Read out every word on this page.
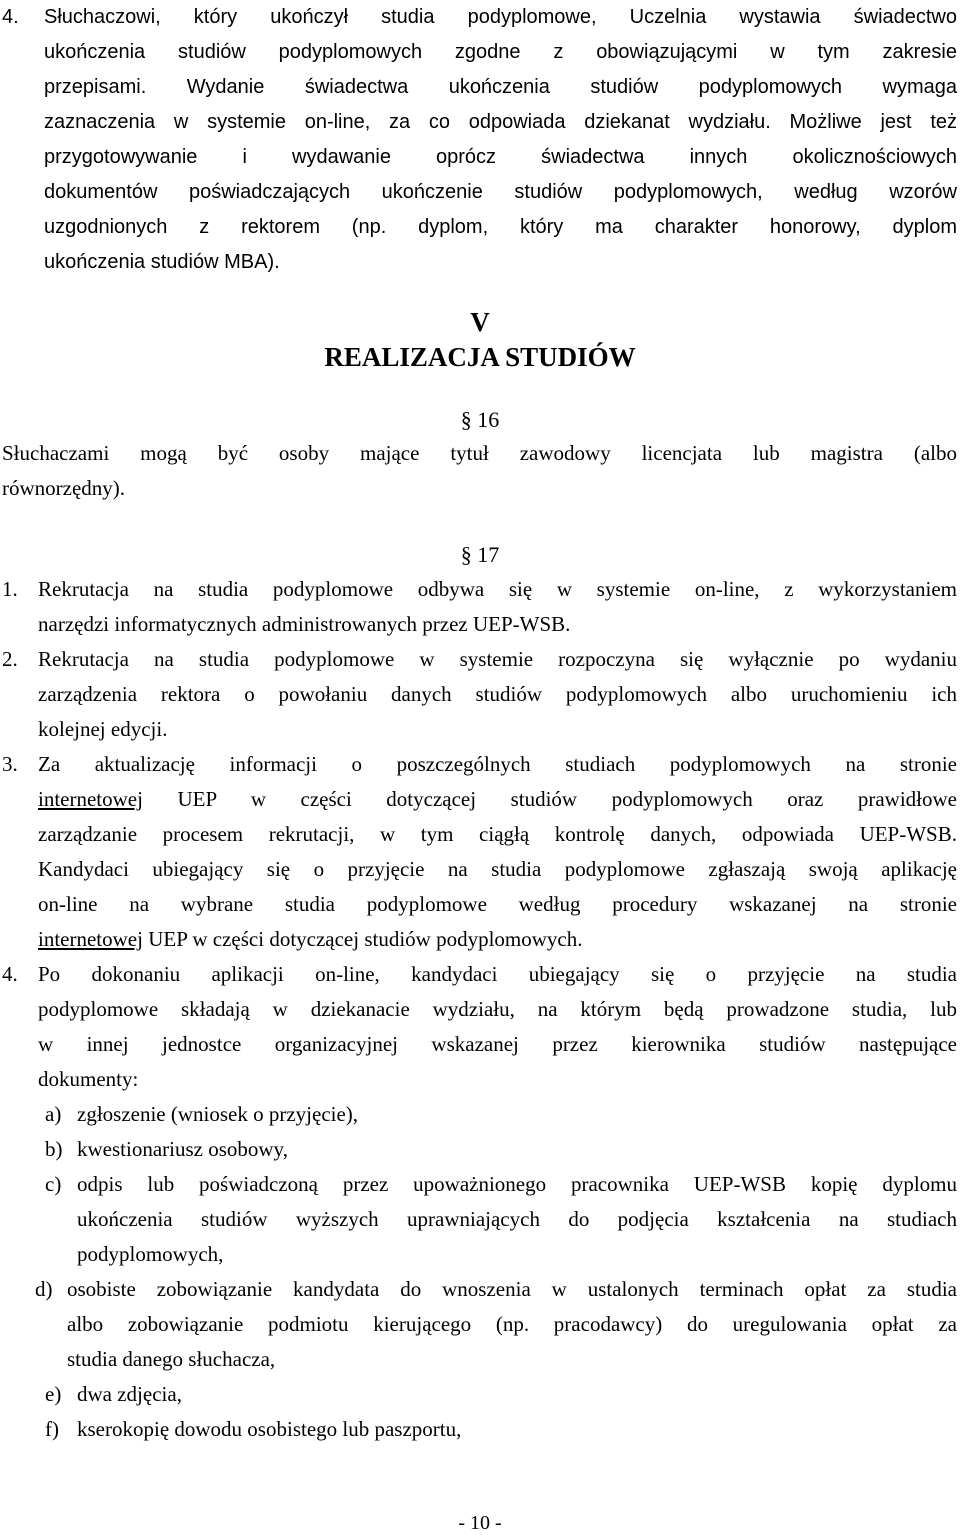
4. Słuchaczowi, który ukończył studia podyplomowe, Uczelnia wystawia świadectwo
ukończenia studiów podyplomowych zgodne z obowiązującymi w tym zakresie
przepisami. Wydanie świadectwa ukończenia studiów podyplomowych wymaga
zaznaczenia w systemie on-line, za co odpowiada dziekanat wydziału. Możliwe jest też
przygotowywanie i wydawanie oprócz świadectwa innych okolicznościowych
dokumentów poświadczających ukończenie studiów podyplomowych, według wzorów
uzgodnionych z rektorem (np. dyplom, który ma charakter honorowy, dyplom
ukończenia studiów MBA).
V
REALIZACJA STUDIÓW
§ 16
Słuchaczami mogą być osoby mające tytuł zawodowy licencjata lub magistra (albo
równorzędny).
§ 17
1. Rekrutacja na studia podyplomowe odbywa się w systemie on-line, z wykorzystaniem
narzędzi informatycznych administrowanych przez UEP-WSB.
2. Rekrutacja na studia podyplomowe w systemie rozpoczyna się wyłącznie po wydaniu
zarządzenia rektora o powołaniu danych studiów podyplomowych albo uruchomieniu ich
kolejnej edycji.
3. Za aktualizację informacji o poszczególnych studiach podyplomowych na stronie
internetowej UEP w części dotyczącej studiów podyplomowych oraz prawidłowe
zarządzanie procesem rekrutacji, w tym ciągłą kontrolę danych, odpowiada UEP-WSB.
Kandydaci ubiegający się o przyjęcie na studia podyplomowe zgłaszają swoją aplikację
on-line na wybrane studia podyplomowe według procedury wskazanej na stronie
internetowej UEP w części dotyczącej studiów podyplomowych.
4. Po dokonaniu aplikacji on-line, kandydaci ubiegający się o przyjęcie na studia
podyplomowe składają w dziekanacie wydziału, na którym będą prowadzone studia, lub
w innej jednostce organizacyjnej wskazanej przez kierownika studiów następujące
dokumenty:
a) zgłoszenie (wniosek o przyjęcie),
b) kwestionariusz osobowy,
c) odpis lub poświadczoną przez upoważnionego pracownika UEP-WSB kopię dyplomu
ukończenia studiów wyższych uprawniających do podjęcia kształcenia na studiach
podyplomowych,
d) osobiste zobowiązanie kandydata do wnoszenia w ustalonych terminach opłat za studia
albo zobowiązanie podmiotu kierującego (np. pracodawcy) do uregulowania opłat za
studia danego słuchacza,
e) dwa zdjęcia,
f) kserokopię dowodu osobistego lub paszportu,
- 10 -
